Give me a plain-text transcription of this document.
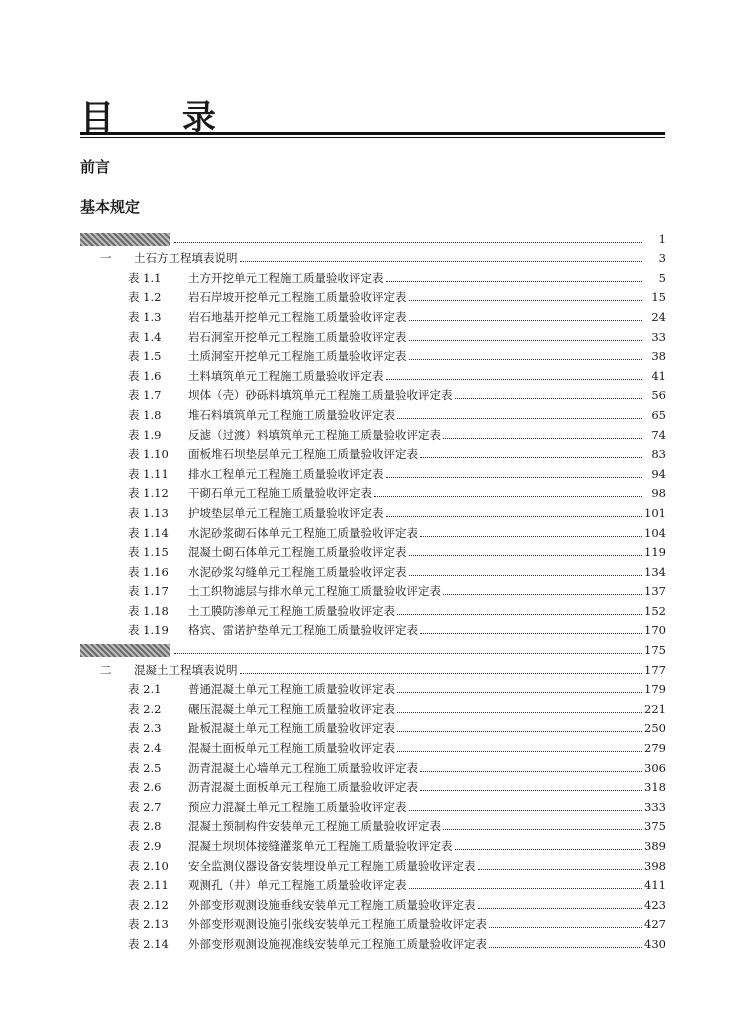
目 录
前言
基本规定
1
一	土石方工程填表说明	3
表 1.1	土方开挖单元工程施工质量验收评定表	5
表 1.2	岩石岸坡开挖单元工程施工质量验收评定表	15
表 1.3	岩石地基开挖单元工程施工质量验收评定表	24
表 1.4	岩石洞室开挖单元工程施工质量验收评定表	33
表 1.5	土质洞室开挖单元工程施工质量验收评定表	38
表 1.6	土料填筑单元工程施工质量验收评定表	41
表 1.7	坝体（壳）砂砾料填筑单元工程施工质量验收评定表	56
表 1.8	堆石料填筑单元工程施工质量验收评定表	65
表 1.9	反滤（过渡）料填筑单元工程施工质量验收评定表	74
表 1.10	面板堆石坝垫层单元工程施工质量验收评定表	83
表 1.11	排水工程单元工程施工质量验收评定表	94
表 1.12	干砌石单元工程施工质量验收评定表	98
表 1.13	护坡垫层单元工程施工质量验收评定表	101
表 1.14	水泥砂浆砌石体单元工程施工质量验收评定表	104
表 1.15	混凝土砌石体单元工程施工质量验收评定表	119
表 1.16	水泥砂浆勾缝单元工程施工质量验收评定表	134
表 1.17	土工织物滤层与排水单元工程施工质量验收评定表	137
表 1.18	土工膜防渗单元工程施工质量验收评定表	152
表 1.19	格宾、雷诺护垫单元工程施工质量验收评定表	170
175
二	混凝土工程填表说明	177
表 2.1	普通混凝土单元工程施工质量验收评定表	179
表 2.2	碾压混凝土单元工程施工质量验收评定表	221
表 2.3	趾板混凝土单元工程施工质量验收评定表	250
表 2.4	混凝土面板单元工程施工质量验收评定表	279
表 2.5	沥青混凝土心墙单元工程施工质量验收评定表	306
表 2.6	沥青混凝土面板单元工程施工质量验收评定表	318
表 2.7	预应力混凝土单元工程施工质量验收评定表	333
表 2.8	混凝土预制构件安装单元工程施工质量验收评定表	375
表 2.9	混凝土坝坝体接缝灌浆单元工程施工质量验收评定表	389
表 2.10	安全监测仪器设备安装埋设单元工程施工质量验收评定表	398
表 2.11	观测孔（井）单元工程施工质量验收评定表	411
表 2.12	外部变形观测设施垂线安装单元工程施工质量验收评定表	423
表 2.13	外部变形观测设施引张线安装单元工程施工质量验收评定表	427
表 2.14	外部变形观测设施视准线安装单元工程施工质量验收评定表	430
